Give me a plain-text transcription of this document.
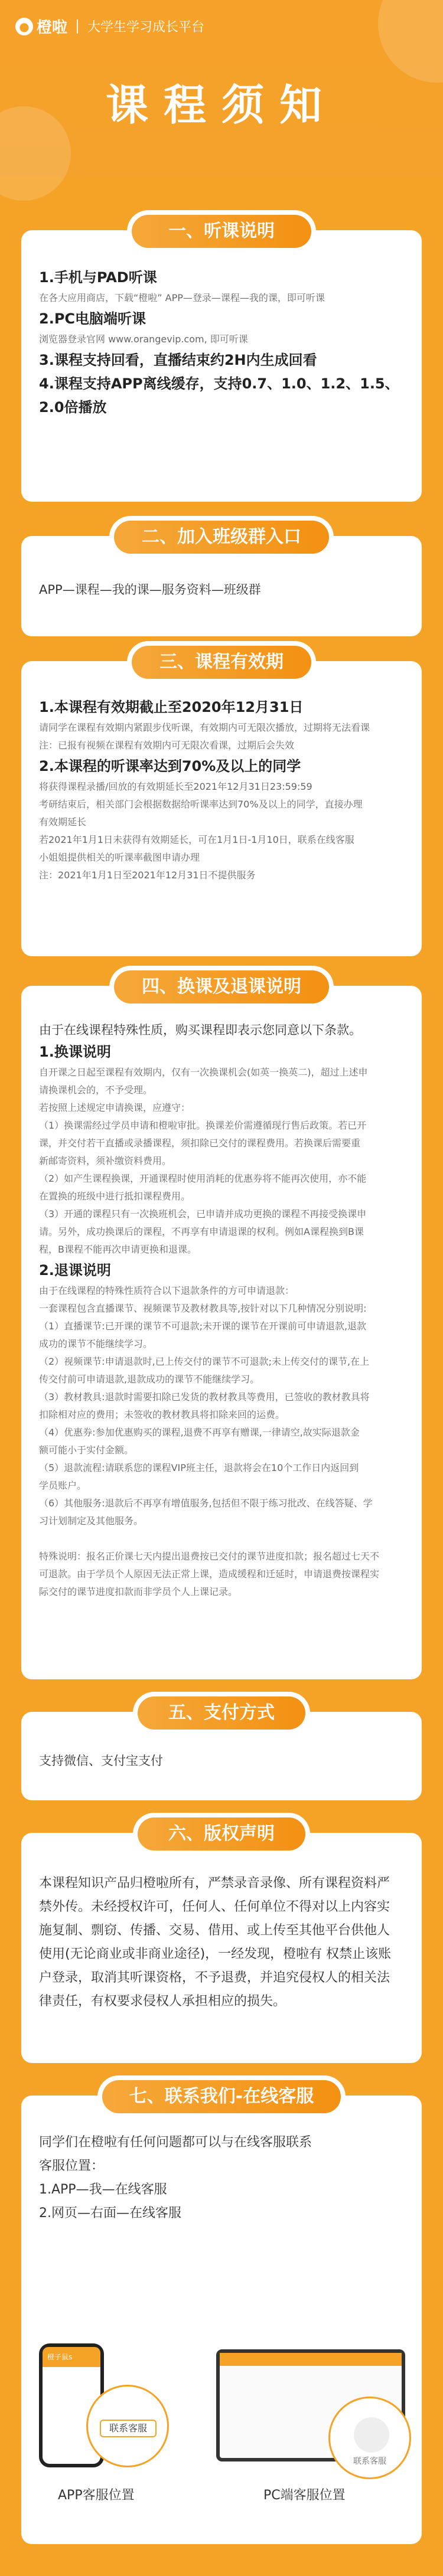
● 橙啦 大学生学习成长平台
课程须知
一、听课说明
1.手机与PAD听课
在各大应用商店，下载“橙啦” APP—登录—课程—我的课，即可听课
2.PC电脑端听课
浏览器登录官网 www.orangevip.com, 即可听课
3.课程支持回看，直播结束约2H内生成回看
4.课程支持APP离线缓存，支持0.7、1.0、1.2、1.5、2.0倍播放
二、加入班级群入口
APP—课程—我的课—服务资料—班级群
三、课程有效期
1.本课程有效期截止至2020年12月31日
请同学在课程有效期内紧跟步伐听课，有效期内可无限次播放，过期将无法看课
注：已报有视频在课程有效期内可无限次看课，过期后会失效
2.本课程的听课率达到70%及以上的同学
将获得课程录播/回放的有效期延长至2021年12月31日23:59:59
考研结束后，相关部门会根据数据给听课率达到70%及以上的同学，直接办理
有效期延长
若2021年1月1日未获得有效期延长，可在1月1日-1月10日，联系在线客服
小姐姐提供相关的听课率截图申请办理
注：2021年1月1日至2021年12月31日不提供服务
四、换课及退课说明
由于在线课程特殊性质，购买课程即表示您同意以下条款。
1.换课说明
自开课之日起至课程有效期内，仅有一次换课机会(如英一换英二)，超过上述申
请换课机会的，不予受理。
若按照上述规定申请换课，应遵守：
（1）换课需经过学员申请和橙啦审批。换课差价需遵循现行售后政策。若已开
课，并交付若干直播或录播课程，须扣除已交付的课程费用。若换课后需要重
新邮寄资料，须补缴资料费用。
（2）如产生课程换课，开通课程时使用消耗的优惠券将不能再次使用，亦不能
在置换的班级中进行抵扣课程费用。
（3）开通的课程只有一次换班机会，已申请并成功更换的课程不再接受换课申
请。另外，成功换课后的课程，不再享有申请退课的权利。例如A课程换到B课
程，B课程不能再次申请更换和退课。
2.退课说明
由于在线课程的特殊性质符合以下退款条件的方可申请退款：
一套课程包含直播课节、视频课节及教材教具等,按针对以下几种情况分别说明:
（1）直播课节:已开课的课节不可退款;未开课的课节在开课前可申请退款,退款
成功的课节不能继续学习。
（2）视频课节:申请退款时,已上传交付的课节不可退款;未上传交付的课节,在上
传交付前可申请退款,退款成功的课节不能继续学习。
（3）教材教具:退款时需要扣除已发货的教材教具等费用，已签收的教材教具将
扣除相对应的费用；未签收的教材教具将扣除来回的运费。
（4）优惠券:参加优惠购买的课程,退费不再享有赠课,一律请空,故实际退款金
额可能小于实付金额。
（5）退款流程:请联系您的课程VIP班主任，退款将会在10个工作日内返回到
学员账户。
（6）其他服务:退款后不再享有增值服务,包括但不限于练习批改、在线答疑、学
习计划制定及其他服务。

特殊说明：报名正价课七天内提出退费按已交付的课节进度扣款；报名超过七天不
可退款。由于学员个人原因无法正常上课，造成缓程和迁延时，申请退费按课程实
际交付的课节进度扣款而非学员个人上课记录。
五、支付方式
支持微信、支付宝支付
六、版权声明
本课程知识产品归橙啦所有，严禁录音录像、所有课程资料严
禁外传。未经授权许可，任何人、任何单位不得对以上内容实
施复制、剽窃、传播、交易、借用、或上传至其他平台供他人
使用(无论商业或非商业途径)，一经发现，橙啦有 权禁止该账
户登录，取消其听课资格，不予退费，并追究侵权人的相关法
律责任，有权要求侵权人承担相应的损失。
七、联系我们-在线客服
同学们在橙啦有任何问题都可以与在线客服联系
客服位置：
1.APP—我—在线客服
2.网页—右面—在线客服
橙子鼠s
联系客服
联系客服
APP客服位置	PC端客服位置
